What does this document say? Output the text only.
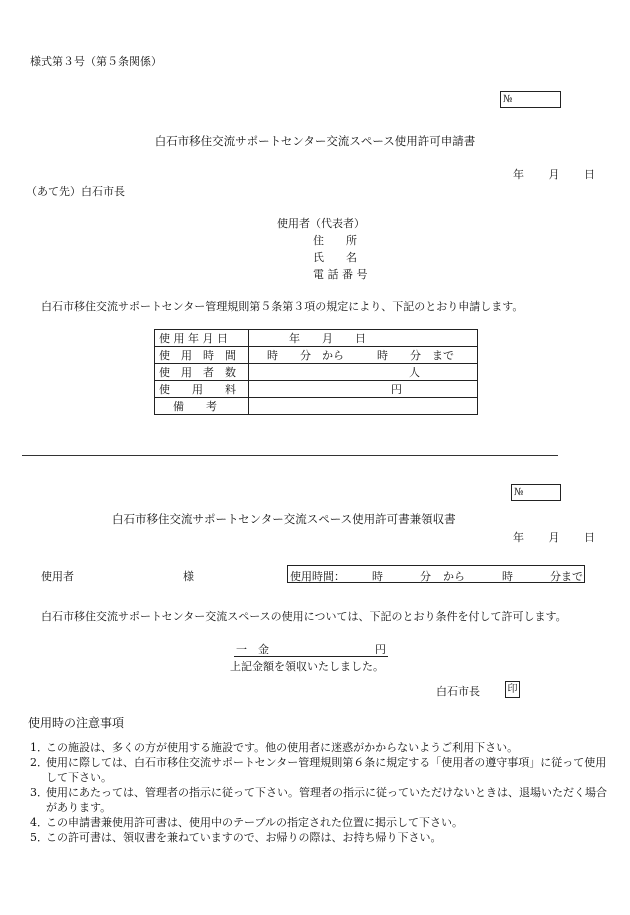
様式第３号（第５条関係）
№
白石市移住交流サポートセンター交流スペース使用許可申請書
年 月 日
（あて先）白石市長
使用者（代表者）
住　　所
氏　　名
電 話 番 号
白石市移住交流サポートセンター管理規則第５条第３項の規定により、下記のとおり申請します。
使 用 年 月 日	年　　月　　日
使　用　時　間	時　　分　から　　　時　　分　まで
使　用　者　数	人
使　　用　　料	円
備　　考	
№
白石市移住交流サポートセンター交流スペース使用許可書兼領収書
年 月 日
使用者	様	使用時間： 時	分 から	時	分まで
白石市移住交流サポートセンター交流スペースの使用については、下記のとおり条件を付して許可します。
一　金	円
上記金額を領収いたしました。
白石市長	印
使用時の注意事項
1．
この施設は、多くの方が使用する施設です。他の使用者に迷惑がかからないようご利用下さい。
2．
使用に際しては、白石市移住交流サポートセンター管理規則第６条に規定する「使用者の遵守事項」に従って使用して下さい。
3．
使用にあたっては、管理者の指示に従って下さい。管理者の指示に従っていただけないときは、退場いただく場合があります。
4．
この申請書兼使用許可書は、使用中のテーブルの指定された位置に掲示して下さい。
5．
この許可書は、領収書を兼ねていますので、お帰りの際は、お持ち帰り下さい。
